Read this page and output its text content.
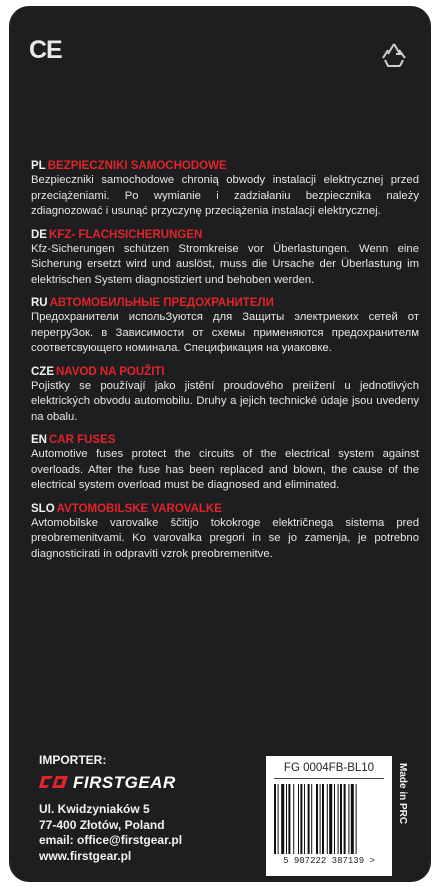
CE
PL BEZPIECZNIKI SAMOCHODOWE
Bezpieczniki samochodowe chronią obwody instalacji elektrycznej przed przeciążeniami. Po wymianie i zadziałaniu bezpiecznika należy zdiagnozować i usunąć przyczynę przeciążenia instalacji elektrycznej.
DE KFZ- FLACHSICHERUNGEN
Kfz-Sicherungen schützen Stromkreise vor Überlastungen. Wenn eine Sicherung ersetzt wird und auslöst, muss die Ursache der Überlastung im elektrischen System diagnostiziert und behoben werden.
RU АВТОМОБИЛЬНЫЕ ПРЕДОХРАНИТЕЛИ
Предохранители испольЗуются для Защиты электриеких сетей от перегруЗок. в Зависимости от схемы применяются предохранителм соответсвующего номинала. Спецификация на уиаковке.
CZE NAVOD NA POUŽITI
Pojistky se používají jako jistění proudového preiižení u jednotlivých elektrických obvodu automobilu. Druhy a jejich technické údaje jsou uvedeny na obalu.
EN CAR FUSES
Automotive fuses protect the circuits of the electrical system against overloads. After the fuse has been replaced and blown, the cause of the electrical system overload must be diagnosed and eliminated.
SLO AVTOMOBILSKE VAROVALKE
Avtomobilske varovalke ščitijo tokokroge električnega sistema pred preobremenitvami. Ko varovalka pregori in se jo zamenja, je potrebno diagnosticirati in odpraviti vzrok preobremenitve.
IMPORTER:
FIRSTGEAR
Ul. Kwidzyniaków 5
77-400 Złotów, Poland
email: office@firstgear.pl
www.firstgear.pl
FG 0004FB-BL10
5 907222 387139 >
Made in PRC
